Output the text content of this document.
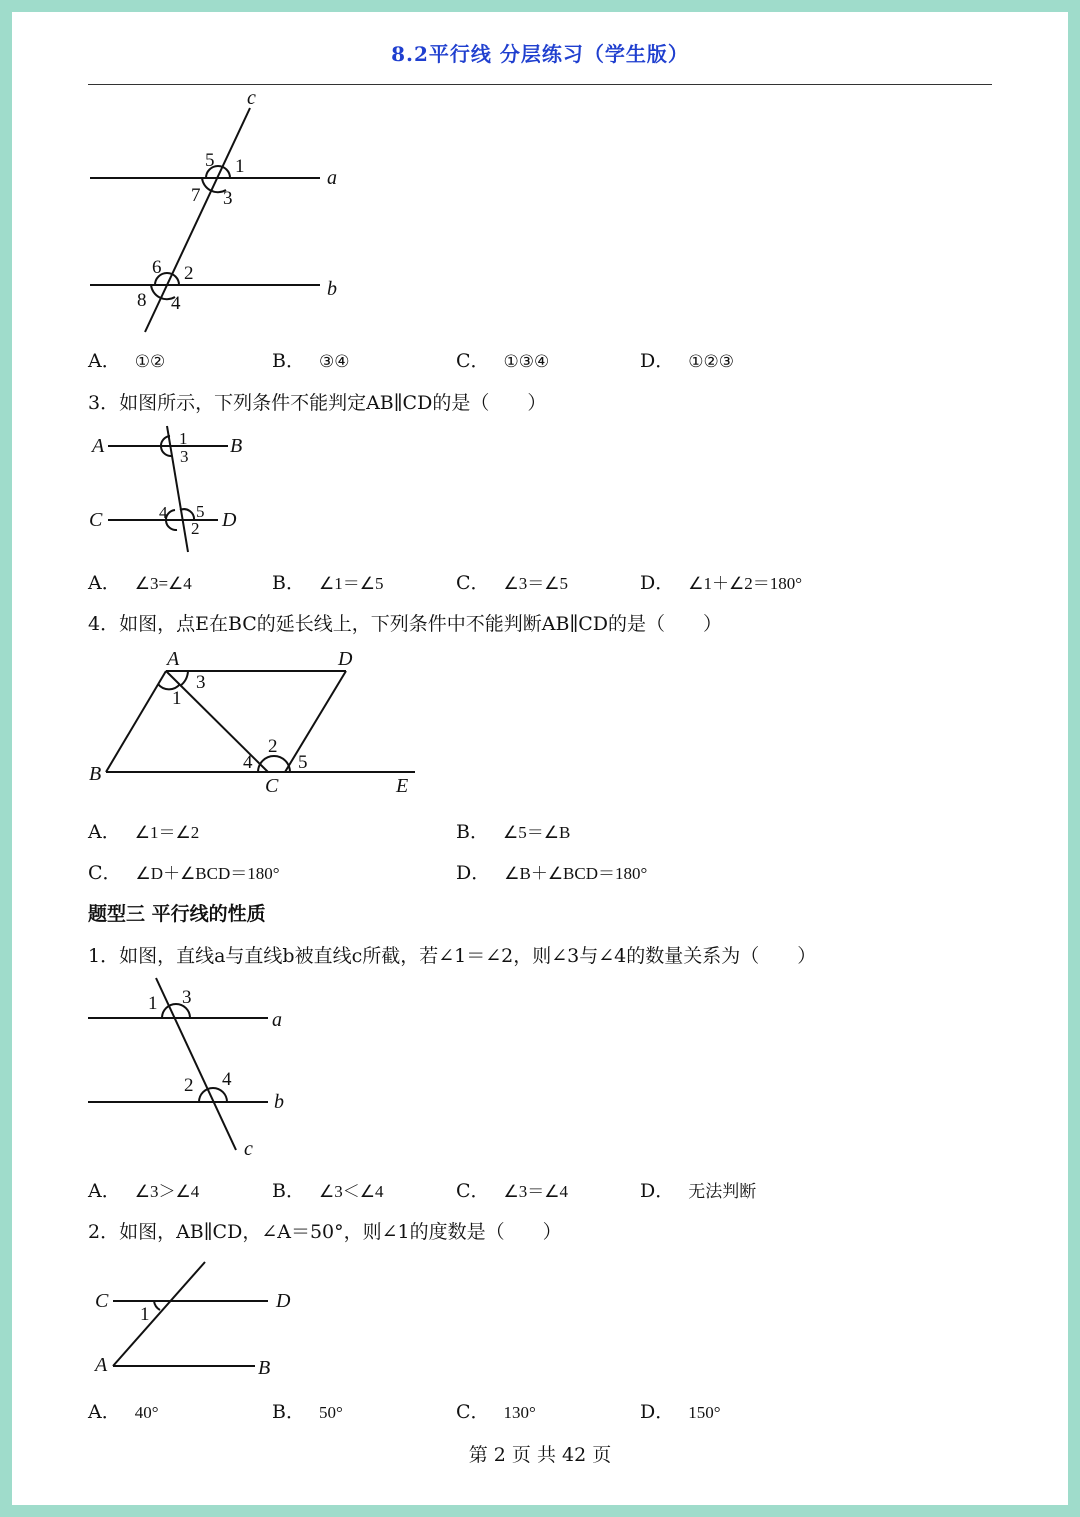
8.2平行线 分层练习（学生版）
c
a
b
A	B
C	D
A	D
B
C	E
a
b
c
C	D
A	B
5 1
7 3
6 2
8 4
1
3
4 5
2
1
3
2
4 5
1 3
2 4
1
A． ①②	B． ③④	C． ①③④	D． ①②③
3．如图所示，下列条件不能判定AB∥CD的是（　　）
A． ∠3=∠4	B． ∠1＝∠5	C． ∠3＝∠5	D． ∠1＋∠2＝180°
4．如图，点E在BC的延长线上，下列条件中不能判断AB∥CD的是（　　）
A． ∠1＝∠2	B． ∠5＝∠B
C． ∠D＋∠BCD＝180°	D． ∠B＋∠BCD＝180°
题型三 平行线的性质
1．如图，直线a与直线b被直线c所截，若∠1＝∠2，则∠3与∠4的数量关系为（　　）
A． ∠3＞∠4	B． ∠3＜∠4	C． ∠3＝∠4	D． 无法判断
2．如图，AB∥CD，∠A＝50°，则∠1的度数是（　　）
A． 40°	B． 50°	C． 130°	D． 150°
第 2 页 共 42 页
